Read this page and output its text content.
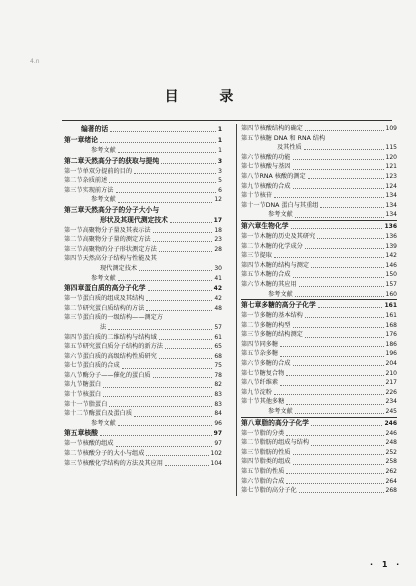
4.n
目 录
编著的话	1
第一章 绪论	1
参考文献	1
第二章 天然高分子的获取与提纯	3
第一节 单双分提前的目的	3
第二节 杂质前述	5
第三节 实现前方法	6
参考文献	12
第三章 天然高分子的分子大小与
形状及其现代测定技术	17
第一节 高聚物分子量及其表示法	18
第二节 高聚物分子量的测定方法	23
第三节 高聚物的分子形状测定方法	28
第四节 天然高分子结构与性能及其
现代测定技术	30
参考文献	41
第四章 蛋白质的高分子化学	42
第一节 蛋白质的组成及其结构	42
第二节 研究蛋白质结构的方法	48
第三节 蛋白质的一级结构——测定方
法	57
第四节 蛋白质的二维结构与结构域	61
第五节 研究蛋白质分子结构的新方法	65
第六节 蛋白质的高级结构性质研究	68
第七节 蛋白质的合成	75
第八节 酶分子——催化的蛋白质	78
第九节 糖蛋白	82
第十节 核蛋白	83
第十一节 脂蛋白	83
第十二节 酶蛋白及蛋白质	84
参考文献	96
第五章 核酸	97
第一节 核酸的组成	97
第二节 核酸分子的大小与组成	102
第三节 核酸化学结构的方法及其应用	104
第四节 核酸结构的确定	109
第五节 核糖 DNA 和 RNA 结构
及其性质	115
第六节 核酸的功能	120
第七节 核酸与基因	121
第八节 RNA 核酸的测定	123
第九节 核酸的合成	124
第十节 核苷	134
第十一节 DNA 蛋白与其重组	134
参考文献	134
第六章 生物化学	136
第一节 木糖的历史及其研究	136
第二节 木糖的化学成分	139
第三节 提取	142
第四节 木糖的结构与测定	146
第五节 木糖的合成	150
第六节 木糖的其应用	157
参考文献	160
第七章 多糖的高分子化学	161
第一节 多糖的基本结构	161
第二节 多糖的构型	168
第三节 多糖的结构测定	176
第四节 同多糖	186
第五节 杂多糖	196
第六节 多糖的合成	204
第七节 糖复合物	210
第八节 纤维素	217
第九节 淀粉	226
第十节 其他多糖	234
参考文献	245
第八章 脂的高分子化学	246
第一节 脂的分类	246
第二节 脂肪的组成与结构	248
第三节 脂肪的性质	252
第四节 脂类的组成	258
第五节 脂的性质	262
第六节 脂的合成	264
第七节 脂的高分子化	268
· 1 ·
